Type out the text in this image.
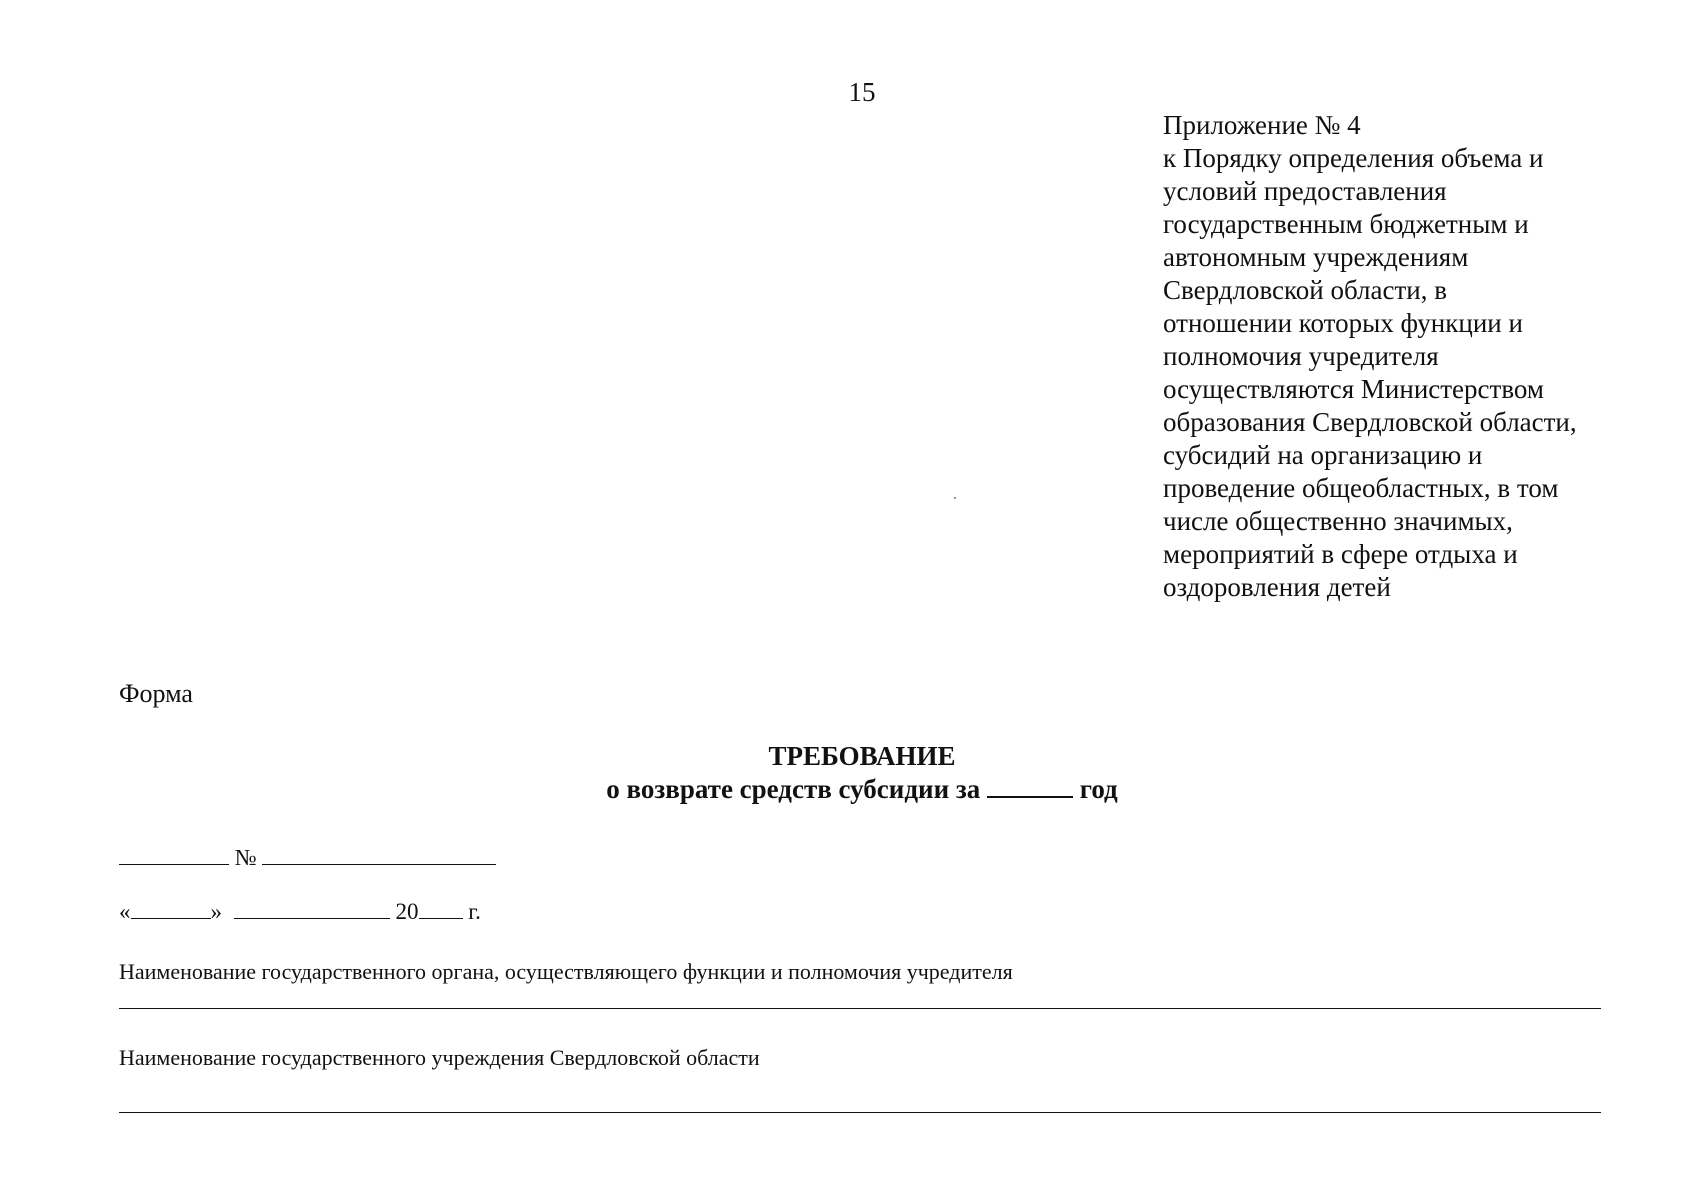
15
Приложение № 4
к Порядку определения объема и
условий предоставления
государственным бюджетным и
автономным учреждениям
Свердловской области, в
отношении которых функции и
полномочия учредителя
осуществляются Министерством
образования Свердловской области,
субсидий на организацию и
проведение общеобластных, в том
числе общественно значимых,
мероприятий в сфере отдыха и
оздоровления детей
Форма
ТРЕБОВАНИЕ
о возврате средств субсидии за	год
№
«	»	20 г.
Наименование государственного органа, осуществляющего функции и полномочия учредителя
Наименование государственного учреждения Свердловской области
